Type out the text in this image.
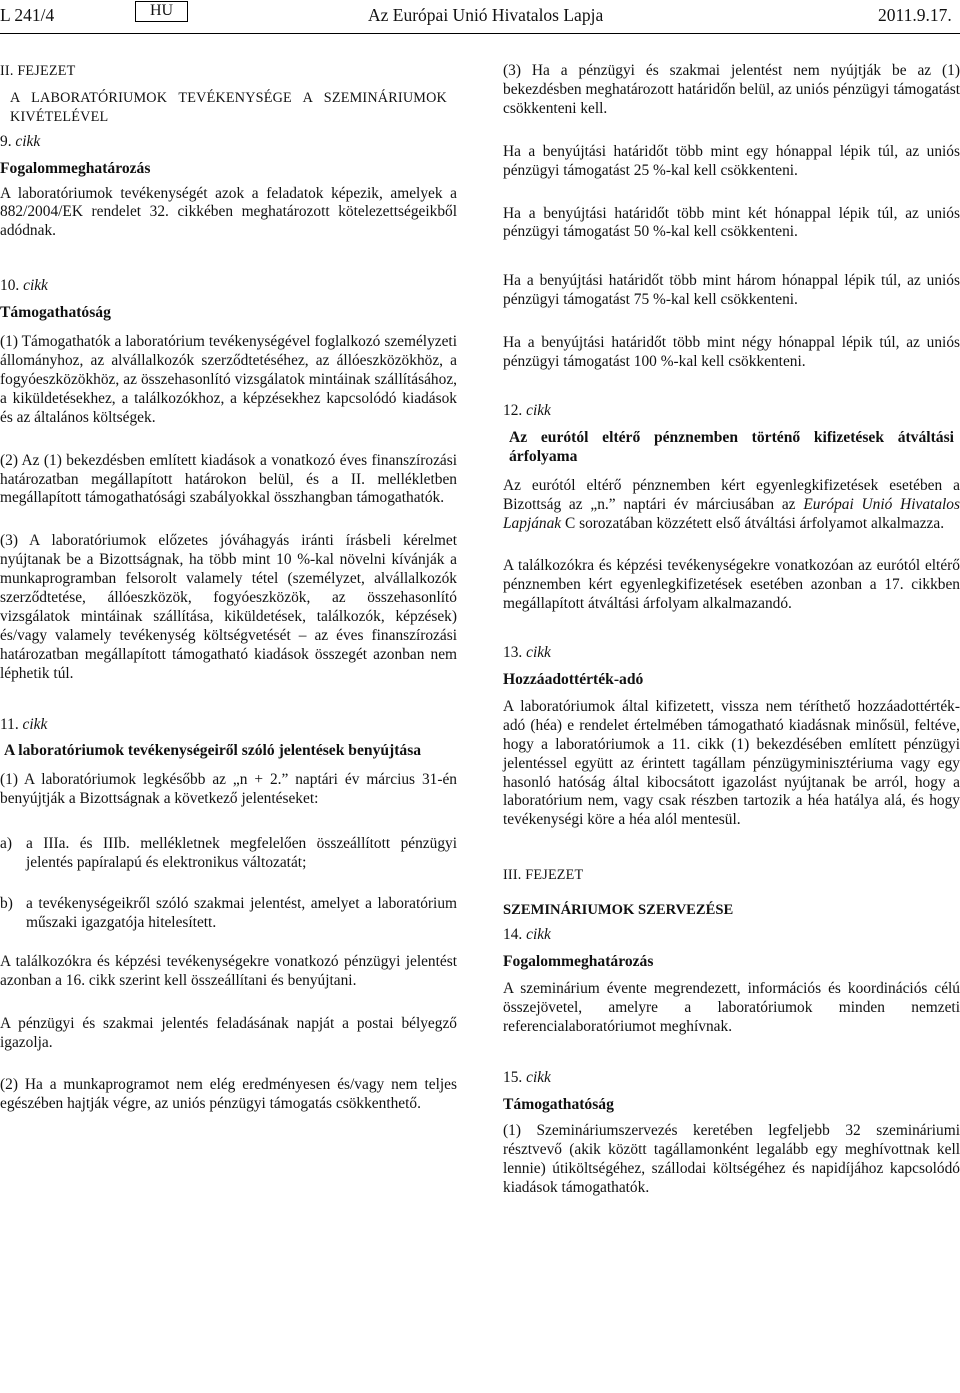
L 241/4	HU	Az Európai Unió Hivatalos Lapja	2011.9.17.

II. FEJEZET

A LABORATÓRIUMOK TEVÉKENYSÉGE A SZEMINÁRIUMOK KIVÉTELÉVEL

9. cikk

Fogalommeghatározás

A laboratóriumok tevékenységét azok a feladatok képezik, amelyek a 882/2004/EK rendelet 32. cikkében meghatározott kötelezettségeikből adódnak.

10. cikk

Támogathatóság

(1) Támogathatók a laboratórium tevékenységével foglalkozó személyzeti állományhoz, az alvállalkozók szerződtetéséhez, az állóeszközökhöz, a fogyóeszközökhöz, az összehasonlító vizsgálatok mintáinak szállításához, a kiküldetésekhez, a találkozókhoz, a képzésekhez kapcsolódó kiadások és az általános költségek.

(2) Az (1) bekezdésben említett kiadások a vonatkozó éves finanszírozási határozatban megállapított határokon belül, és a II. mellékletben megállapított támogathatósági szabályokkal összhangban támogathatók.

(3) A laboratóriumok előzetes jóváhagyás iránti írásbeli kérelmet nyújtanak be a Bizottságnak, ha több mint 10 %-kal növelni kívánják a munkaprogramban felsorolt valamely tétel (személyzet, alvállalkozók szerződtetése, állóeszközök, fogyóeszközök, az összehasonlító vizsgálatok mintáinak szállítása, kiküldetések, találkozók, képzések) és/vagy valamely tevékenység költségvetését – az éves finanszírozási határozatban megállapított támogatható kiadások összegét azonban nem léphetik túl.

11. cikk

A laboratóriumok tevékenységeiről szóló jelentések benyújtása

(1) A laboratóriumok legkésőbb az „n + 2.” naptári év március 31-én benyújtják a Bizottságnak a következő jelentéseket:

a) a IIIa. és IIIb. mellékletnek megfelelően összeállított pénzügyi jelentés papíralapú és elektronikus változatát;
b) a tevékenységeikről szóló szakmai jelentést, amelyet a laboratórium műszaki igazgatója hitelesített.

A találkozókra és képzési tevékenységekre vonatkozó pénzügyi jelentést azonban a 16. cikk szerint kell összeállítani és benyújtani.

A pénzügyi és szakmai jelentés feladásának napját a postai bélyegző igazolja.

(2) Ha a munkaprogramot nem elég eredményesen és/vagy nem teljes egészében hajtják végre, az uniós pénzügyi támogatás csökkenthető.

(3) Ha a pénzügyi és szakmai jelentést nem nyújtják be az (1) bekezdésben meghatározott határidőn belül, az uniós pénzügyi támogatást csökkenteni kell.

Ha a benyújtási határidőt több mint egy hónappal lépik túl, az uniós pénzügyi támogatást 25 %-kal kell csökkenteni.

Ha a benyújtási határidőt több mint két hónappal lépik túl, az uniós pénzügyi támogatást 50 %-kal kell csökkenteni.

Ha a benyújtási határidőt több mint három hónappal lépik túl, az uniós pénzügyi támogatást 75 %-kal kell csökkenteni.

Ha a benyújtási határidőt több mint négy hónappal lépik túl, az uniós pénzügyi támogatást 100 %-kal kell csökkenteni.

12. cikk

Az eurótól eltérő pénznemben történő kifizetések átváltási árfolyama

Az eurótól eltérő pénznemben kért egyenlegkifizetések esetében a Bizottság az „n.” naptári év márciusában az Európai Unió Hivatalos Lapjának C sorozatában közzétett első átváltási árfolyamot alkalmazza.

A találkozókra és képzési tevékenységekre vonatkozóan az eurótól eltérő pénznemben kért egyenlegkifizetések esetében azonban a 17. cikkben megállapított átváltási árfolyam alkalmazandó.

13. cikk

Hozzáadottérték-adó

A laboratóriumok által kifizetett, vissza nem téríthető hozzáadottérték-adó (héa) e rendelet értelmében támogatható kiadásnak minősül, feltéve, hogy a laboratóriumok a 11. cikk (1) bekezdésében említett pénzügyi jelentéssel együtt az érintett tagállam pénzügyminisztériuma vagy egy hasonló hatóság által kibocsátott igazolást nyújtanak be arról, hogy a laboratórium nem, vagy csak részben tartozik a héa hatálya alá, és hogy tevékenységi köre a héa alól mentesül.

III. FEJEZET

SZEMINÁRIUMOK SZERVEZÉSE

14. cikk

Fogalommeghatározás

A szeminárium évente megrendezett, információs és koordinációs célú összejövetel, amelyre a laboratóriumok minden nemzeti referencialaboratóriumot meghívnak.

15. cikk

Támogathatóság

(1) Szemináriumszervezés keretében legfeljebb 32 szemináriumi résztvevő (akik között tagállamonként legalább egy meghívottnak kell lennie) útiköltségéhez, szállodai költségéhez és napidíjához kapcsolódó kiadások támogathatók.
